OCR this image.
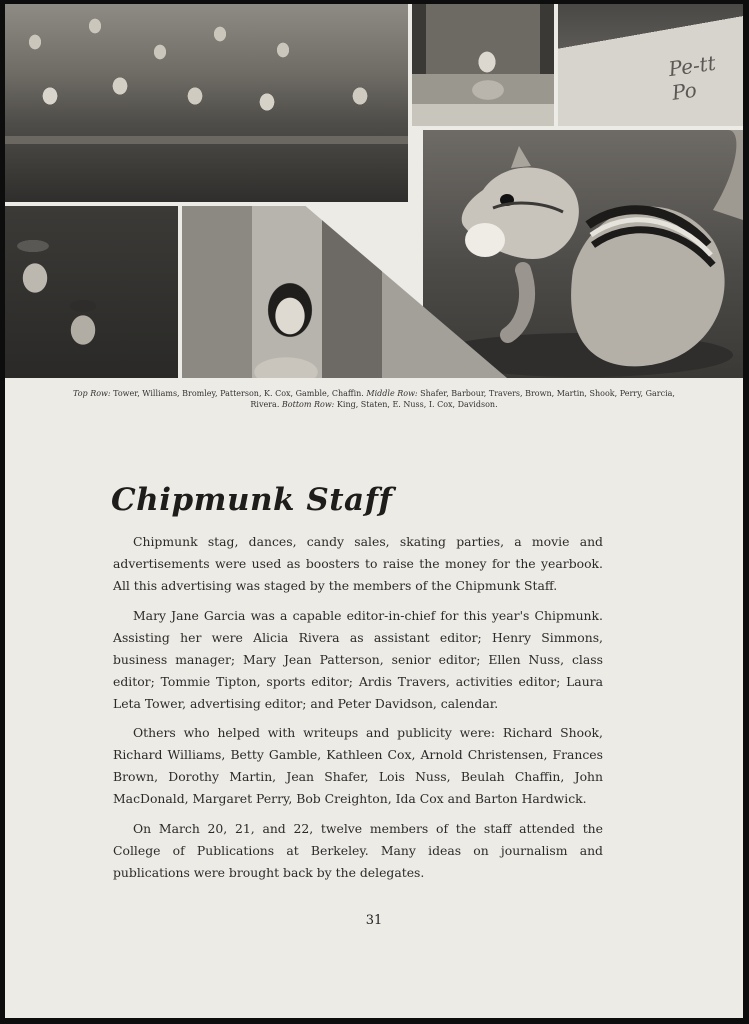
Pe‑tt Po

Top Row: Tower, Williams, Bromley, Patterson, K. Cox, Gamble, Chaffin. Middle Row: Shafer, Barbour, Travers, Brown, Martin, Shook, Perry, Garcia, Rivera. Bottom Row: King, Staten, E. Nuss, I. Cox, Davidson.

Chipmunk Staff

Chipmunk stag, dances, candy sales, skating parties, a movie and advertisements were used as boosters to raise the money for the yearbook. All this advertising was staged by the members of the Chipmunk Staff.

Mary Jane Garcia was a capable editor-in-chief for this year's Chipmunk. Assisting her were Alicia Rivera as assistant editor; Henry Simmons, business manager; Mary Jean Patterson, senior editor; Ellen Nuss, class editor; Tommie Tipton, sports editor; Ardis Travers, activities editor; Laura Leta Tower, advertising editor; and Peter Davidson, calendar.

Others who helped with writeups and publicity were: Richard Shook, Richard Williams, Betty Gamble, Kathleen Cox, Arnold Christensen, Frances Brown, Dorothy Martin, Jean Shafer, Lois Nuss, Beulah Chaffin, John MacDonald, Margaret Perry, Bob Creighton, Ida Cox and Barton Hardwick.

On March 20, 21, and 22, twelve members of the staff attended the College of Publications at Berkeley. Many ideas on journalism and publications were brought back by the delegates.

31
